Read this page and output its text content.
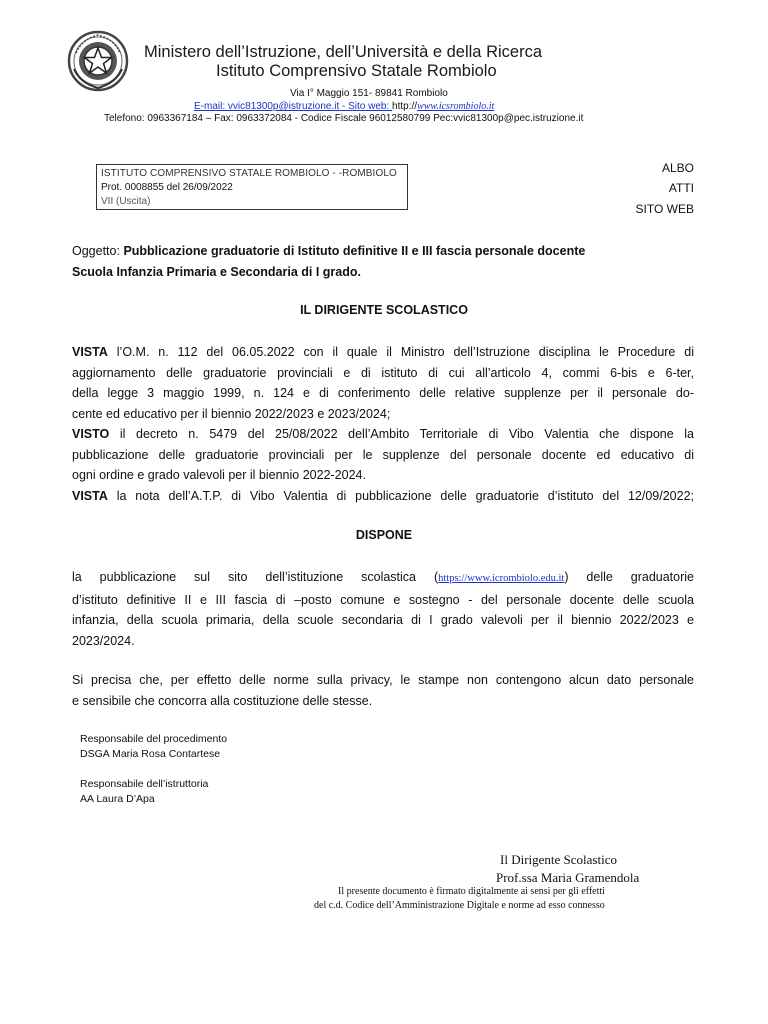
Ministero dell’Istruzione, dell’Università e della Ricerca
Istituto Comprensivo Statale Rombiolo
Via I° Maggio 151- 89841 Rombiolo
E-mail: vvic81300p@istruzione.it - Sito web: http://www.icsrombiolo.it
Telefono: 0963367184 – Fax: 0963372084 - Codice Fiscale 96012580799 Pec:vvic81300p@pec.istruzione.it
ISTITUTO COMPRENSIVO STATALE ROMBIOLO - -ROMBIOLO
Prot. 0008855 del 26/09/2022
VII (Uscita)
ALBO
ATTI
SITO WEB
Oggetto: Pubblicazione graduatorie di Istituto definitive II e III fascia personale docente
Scuola Infanzia Primaria e Secondaria di I grado.
IL DIRIGENTE SCOLASTICO
VISTA l’O.M. n. 112 del 06.05.2022 con il quale il Ministro dell’Istruzione disciplina le Procedure di
aggiornamento delle graduatorie provinciali e di istituto di cui all’articolo 4, commi 6-bis e 6-ter,
della legge 3 maggio 1999, n. 124 e di conferimento delle relative supplenze per il personale do-
cente ed educativo per il biennio 2022/2023 e 2023/2024;
VISTO il decreto n. 5479 del 25/08/2022 dell’Ambito Territoriale di Vibo Valentia che dispone la
pubblicazione delle graduatorie provinciali per le supplenze del personale docente ed educativo di
ogni ordine e grado valevoli per il biennio 2022-2024.
VISTA la nota dell’A.T.P. di Vibo Valentia di pubblicazione delle graduatorie d’istituto del 12/09/2022;
DISPONE
la pubblicazione sul sito dell’istituzione scolastica (https://www.icrombiolo.edu.it) delle graduatorie
d’istituto definitive II e III fascia di –posto comune e sostegno - del personale docente delle scuola
infanzia, della scuola primaria, della scuole secondaria di I grado valevoli per il biennio 2022/2023 e
2023/2024.
Si precisa che, per effetto delle norme sulla privacy, le stampe non contengono alcun dato personale
e sensibile che concorra alla costituzione delle stesse.
Responsabile del procedimento
DSGA Maria Rosa Contartese
Responsabile dell’istruttoria
AA Laura D’Apa
Il Dirigente Scolastico
Prof.ssa Maria Gramendola
Il presente documento è firmato digitalmente ai sensi per gli effetti
del c.d. Codice dell’Amministrazione Digitale e norme ad esso connesso
